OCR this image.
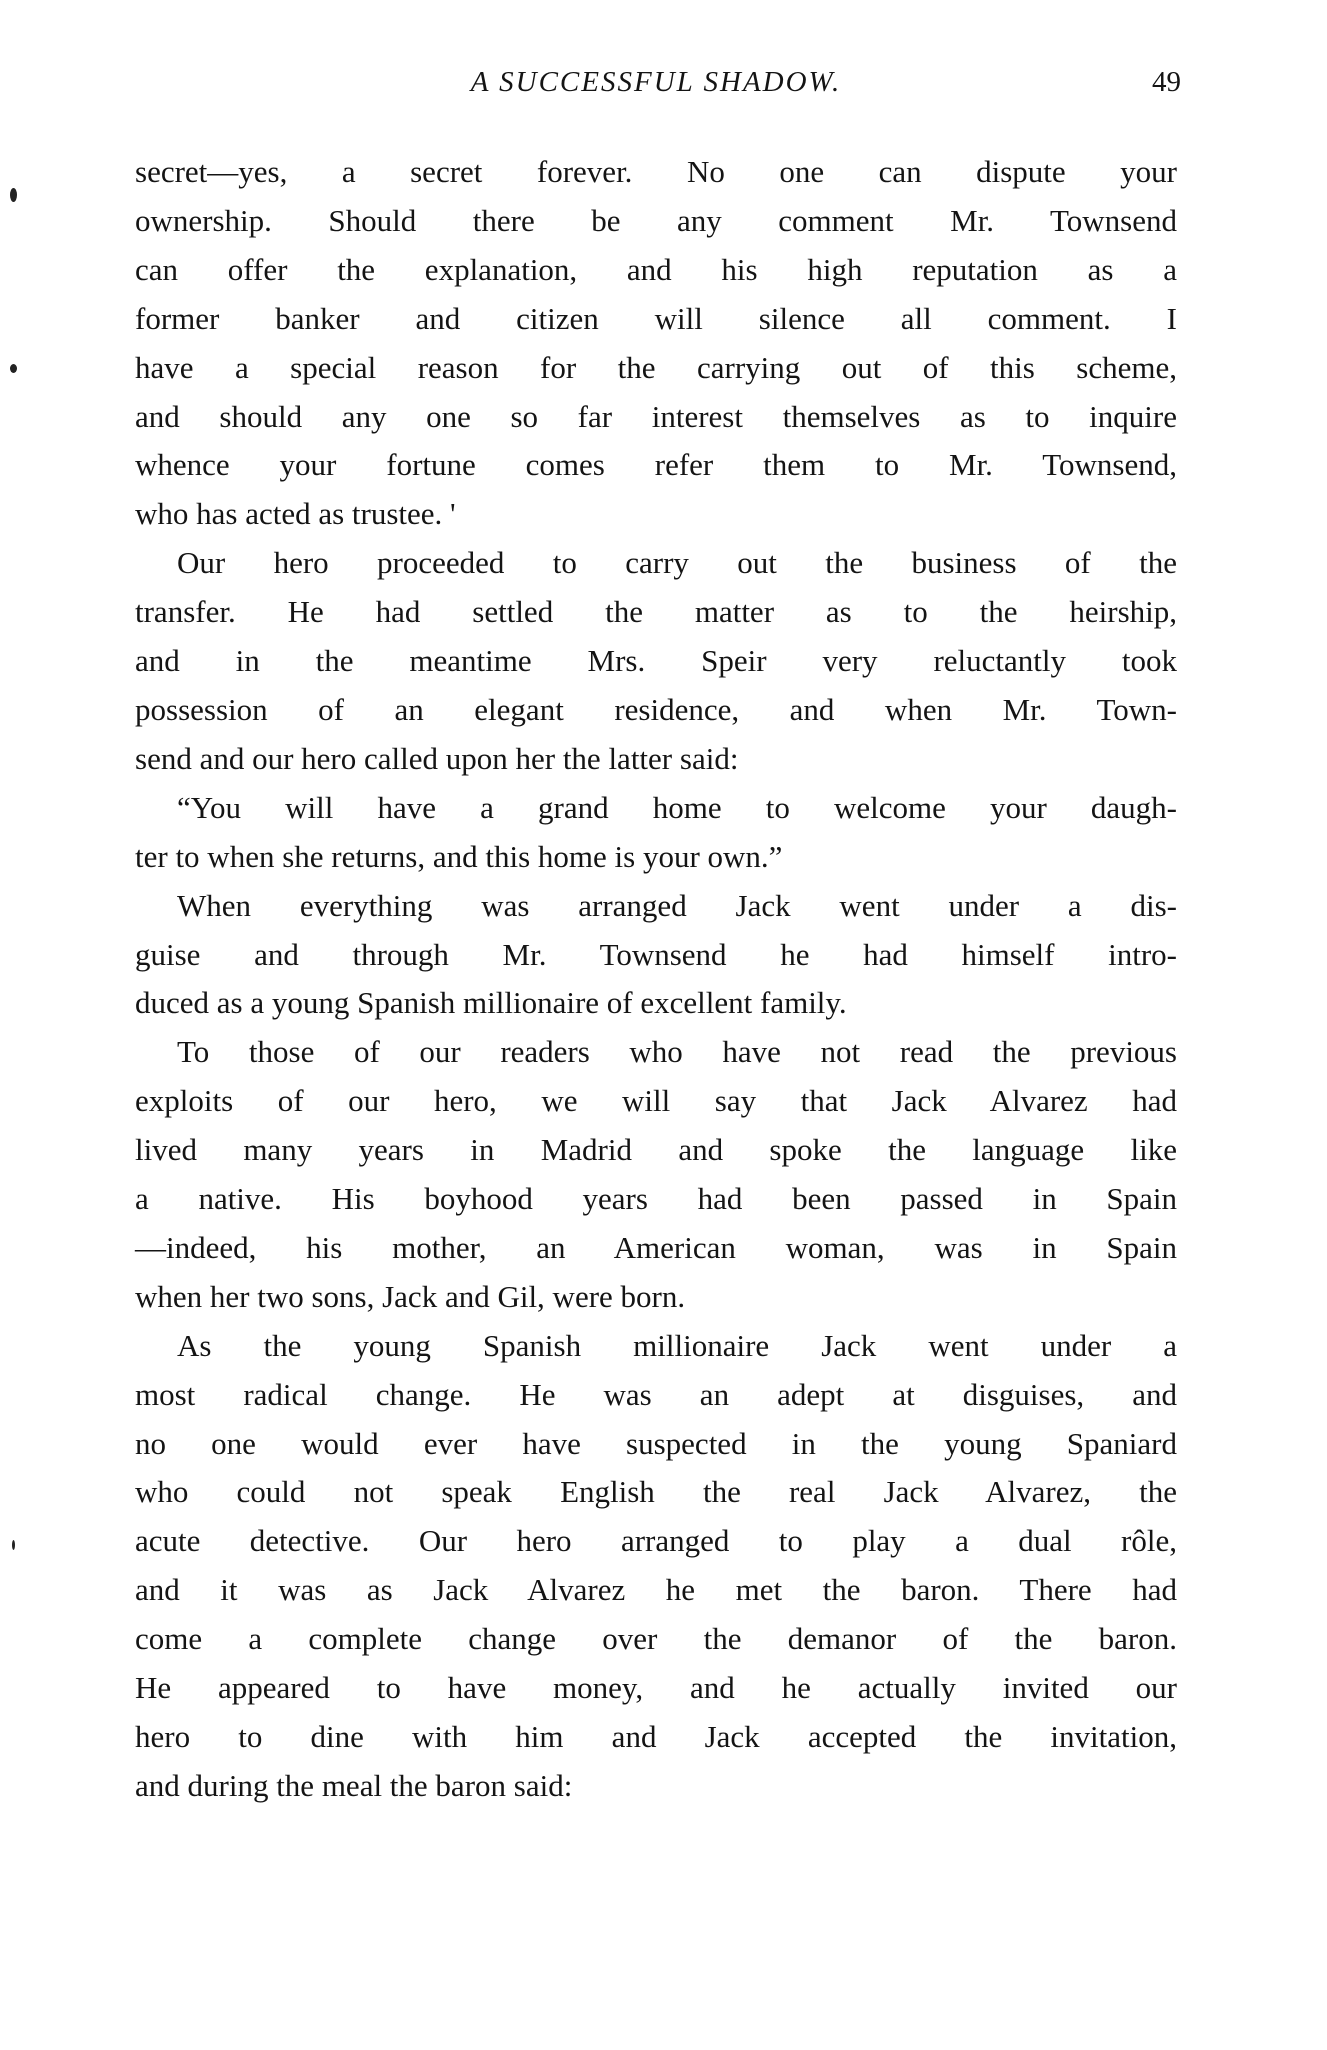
A SUCCESSFUL SHADOW.	49
secret—yes, a secret forever. No one can dispute your
ownership. Should there be any comment Mr. Townsend
can offer the explanation, and his high reputation as a
former banker and citizen will silence all comment. I
have a special reason for the carrying out of this scheme,
and should any one so far interest themselves as to inquire
whence your fortune comes refer them to Mr. Townsend,
who has acted as trustee. '
Our hero proceeded to carry out the business of the
transfer. He had settled the matter as to the heirship,
and in the meantime Mrs. Speir very reluctantly took
possession of an elegant residence, and when Mr. Town-
send and our hero called upon her the latter said:
“You will have a grand home to welcome your daugh-
ter to when she returns, and this home is your own.”
When everything was arranged Jack went under a dis-
guise and through Mr. Townsend he had himself intro-
duced as a young Spanish millionaire of excellent family.
To those of our readers who have not read the previous
exploits of our hero, we will say that Jack Alvarez had
lived many years in Madrid and spoke the language like
a native. His boyhood years had been passed in Spain
—indeed, his mother, an American woman, was in Spain
when her two sons, Jack and Gil, were born.
As the young Spanish millionaire Jack went under a
most radical change. He was an adept at disguises, and
no one would ever have suspected in the young Spaniard
who could not speak English the real Jack Alvarez, the
acute detective. Our hero arranged to play a dual rôle,
and it was as Jack Alvarez he met the baron. There had
come a complete change over the demanor of the baron.
He appeared to have money, and he actually invited our
hero to dine with him and Jack accepted the invitation,
and during the meal the baron said:
